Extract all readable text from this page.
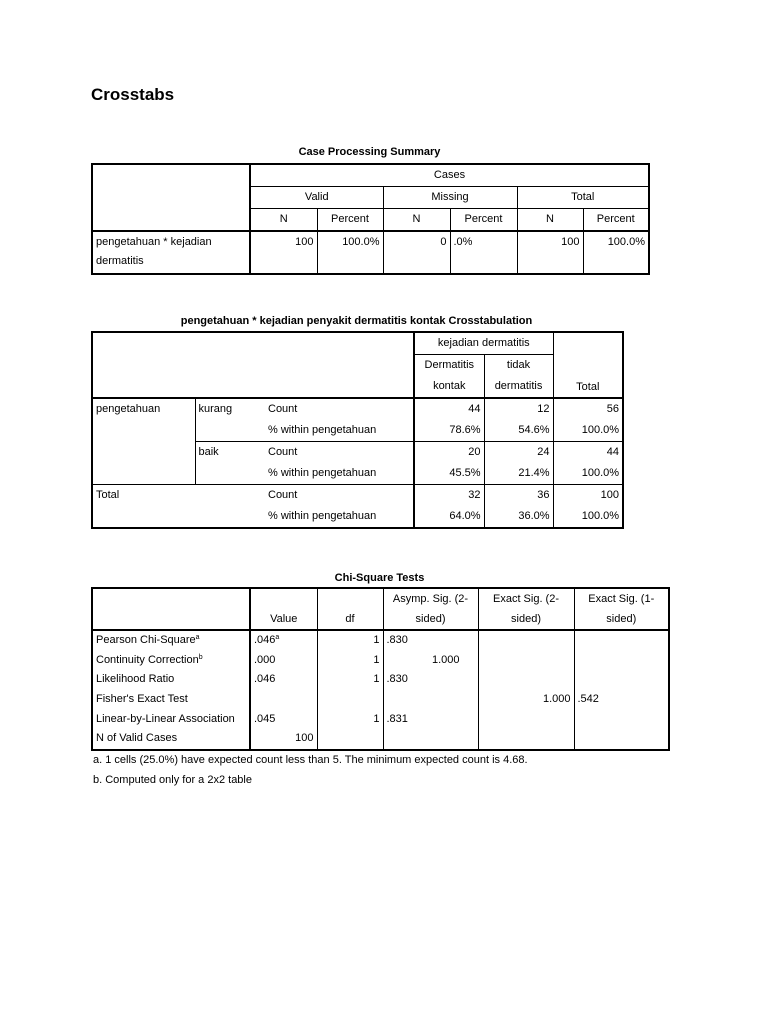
Crosstabs
Case Processing Summary
	Cases					
	Valid		Missing		Total	
	N	Percent	N	Percent	N	Percent
pengetahuan * kejadian dermatitis	100	100.0%	0	.0%	100	100.0%
pengetahuan * kejadian penyakit dermatitis kontak Crosstabulation
			kejadian dermatitis		Total
			Dermatitis	tidak	
			kontak	dermatitis	
pengetahuan	kurang	Count	44	12	56
		% within pengetahuan	78.6%	54.6%	100.0%
	baik	Count	20	24	44
		% within pengetahuan	45.5%	21.4%	100.0%
Total		Count	32	36	100
		% within pengetahuan	64.0%	36.0%	100.0%
Chi-Square Tests
			Asymp. Sig. (2-	Exact Sig. (2-	Exact Sig. (1-
	Value	df	sided)	sided)	sided)
Pearson Chi-Square$^a$	.046$^a$	1	.830		
Continuity Correction$^b$	.000	1	1.000		
Likelihood Ratio	.046	1	.830		
Fisher's Exact Test				1.000	.542
Linear-by-Linear Association	.045	1	.831		
N of Valid Cases	100				
a. 1 cells (25.0%) have expected count less than 5. The minimum expected count is 4.68.
b. Computed only for a 2x2 table
